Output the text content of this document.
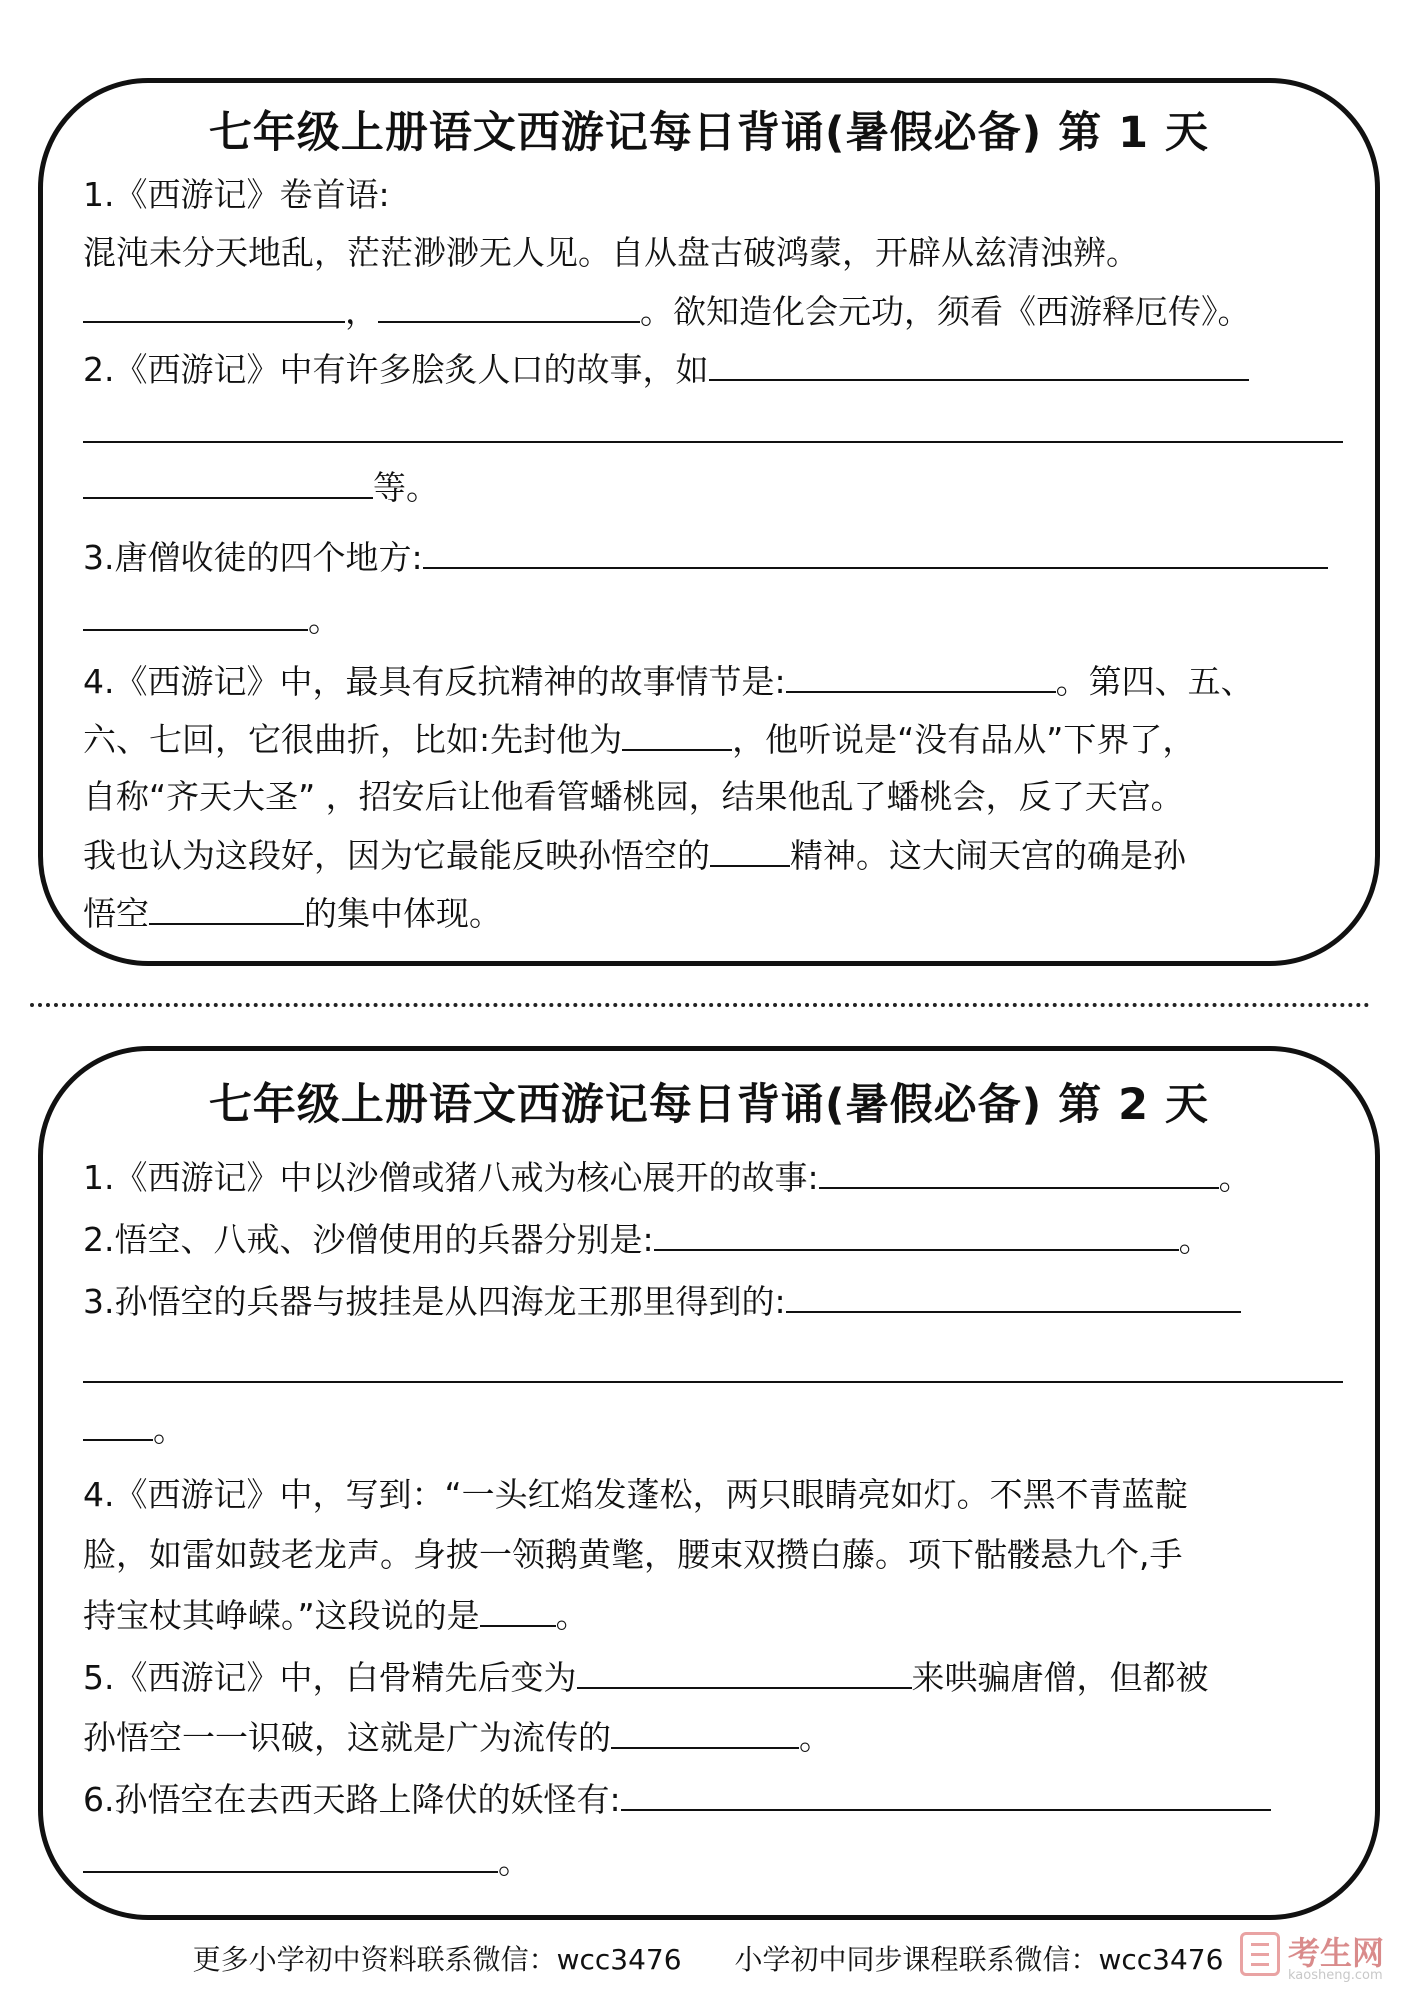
七年级上册语文西游记每日背诵(暑假必备) 第 1 天
1.《西游记》卷首语:
混沌未分天地乱，茫茫渺渺无人见。自从盘古破鸿蒙，开辟从兹清浊辨。
，	。欲知造化会元功，须看《西游释厄传》。
2.《西游记》中有许多脍炙人口的故事，如
等。
3.唐僧收徒的四个地方:
。
4.《西游记》中，最具有反抗精神的故事情节是:	。第四、五、
六、七回，它很曲折，比如:先封他为	，他听说是“没有品从”下界了，
自称“齐天大圣” ，招安后让他看管蟠桃园，结果他乱了蟠桃会，反了天宫。
我也认为这段好，因为它最能反映孙悟空的 精神。这大闹天宫的确是孙
悟空	的集中体现。
七年级上册语文西游记每日背诵(暑假必备) 第 2 天
1.《西游记》中以沙僧或猪八戒为核心展开的故事:	。
2.悟空、八戒、沙僧使用的兵器分别是:	。
3.孙悟空的兵器与披挂是从四海龙王那里得到的:
。
4.《西游记》中，写到：“一头红焰发蓬松，两只眼睛亮如灯。不黑不青蓝靛
脸，如雷如鼓老龙声。身披一领鹅黄氅，腰束双攒白藤。项下骷髅悬九个,手
持宝杖其峥嵘。”这段说的是 。
5.《西游记》中，白骨精先后变为	来哄骗唐僧，但都被
孙悟空一一识破，这就是广为流传的	。
6.孙悟空在去西天路上降伏的妖怪有:
。
更多小学初中资料联系微信：wcc3476 小学初中同步课程联系微信：wcc3476	考生网
kaosheng.com
